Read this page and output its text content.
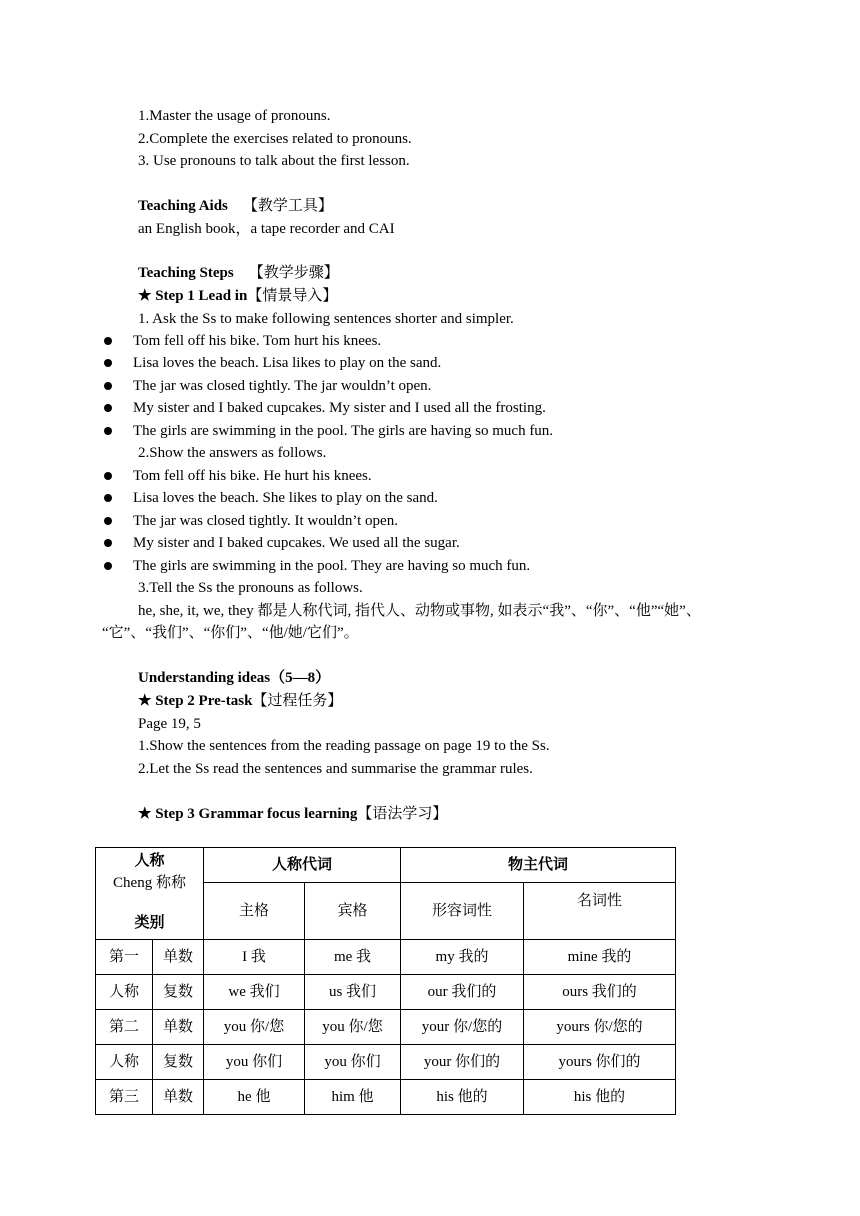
1.Master the usage of pronouns.
2.Complete the exercises related to pronouns.
3. Use pronouns to talk about the first lesson.
Teaching Aids 【教学工具】
an English book，a tape recorder and CAI
Teaching Steps 【教学步骤】
★ Step 1 Lead in【情景导入】
1. Ask the Ss to make following sentences shorter and simpler.
Tom fell off his bike. Tom hurt his knees.
Lisa loves the beach. Lisa likes to play on the sand.
The jar was closed tightly. The jar wouldn’t open.
My sister and I baked cupcakes. My sister and I used all the frosting.
The girls are swimming in the pool. The girls are having so much fun.
2.Show the answers as follows.
Tom fell off his bike. He hurt his knees.
Lisa loves the beach. She likes to play on the sand.
The jar was closed tightly. It wouldn’t open.
My sister and I baked cupcakes. We used all the sugar.
The girls are swimming in the pool. They are having so much fun.
3.Tell the Ss the pronouns as follows.
he, she, it, we, they 都是人称代词, 指代人、动物或事物, 如表示“我”、“你”、“他”“她”、
“它”、“我们”、“你们”、“他/她/它们”。
Understanding ideas（5—8）
★ Step 2 Pre-task【过程任务】
Page 19, 5
1.Show the sentences from the reading passage on page 19 to the Ss.
2.Let the Ss read the sentences and summarise the grammar rules.
★ Step 3 Grammar focus learning【语法学习】
人称
Cheng 称称
类别		人称代词		物主代词	
		主格	宾格	形容词性	名词性
第一	单数	I 我	me 我	my 我的	mine 我的
人称	复数	we 我们	us 我们	our 我们的	ours 我们的
第二	单数	you 你/您	you 你/您	your 你/您的	yours 你/您的
人称	复数	you 你们	you 你们	your 你们的	yours 你们的
第三	单数	he 他	him 他	his 他的	his 他的
